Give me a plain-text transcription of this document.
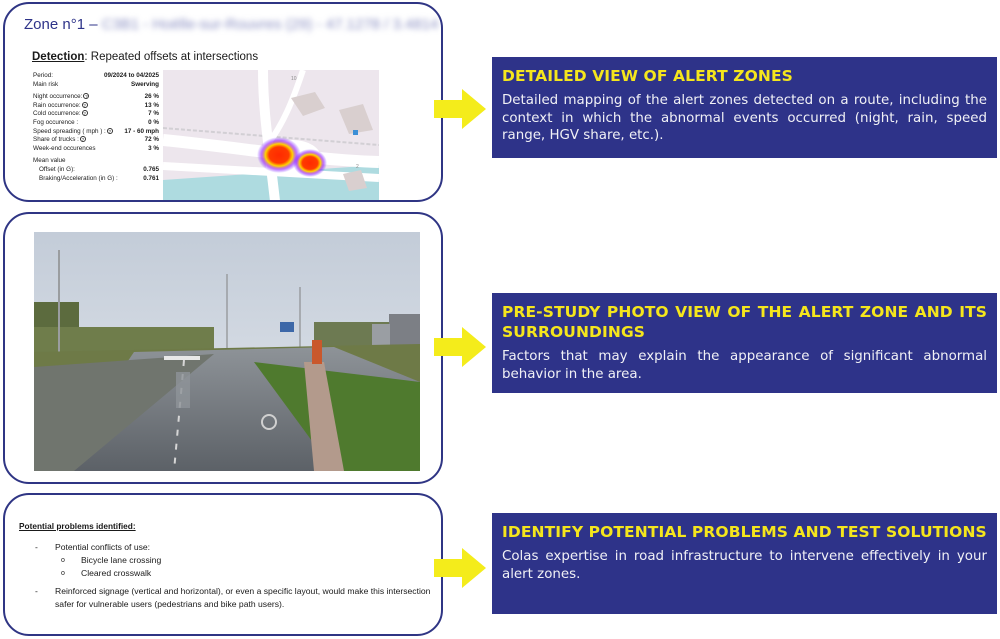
Zone n°1 – C3B1 - Hoëlle-sur-Rouvres (29) - 47.1278 / 3.4814
Detection: Repeated offsets at intersections
Period:	09/2024 to 04/2025
Main risk	Swerving
Night occurrence: ?	26 %
Rain occurrence: ?	13 %
Cold occurrence: ?	7 %
Fog occurence :	0 %
Speed spreading ( mph ) : ? 17 - 60 mph
Share of trucks : ?	72 %
Week-end occurences	3 %
Mean value
Offset (in G):	0.765
Braking/Acceleration (in G) :	0.761
10
2
Potential problems identified:
-	Potential conflicts of use:
o	Bicycle lane crossing
o	Cleared crosswalk
-	Reinforced signage (vertical and horizontal), or even a specific layout, would make this intersection safer for vulnerable users (pedestrians and bike path users).
DETAILED VIEW OF ALERT ZONES
Detailed mapping of the alert zones detected on a route, including the context in which the abnormal events occurred (night, rain, speed range, HGV share, etc.).
PRE-STUDY PHOTO VIEW OF THE ALERT ZONE AND ITS SURROUNDINGS
Factors that may explain the appearance of significant abnormal behavior in the area.
IDENTIFY POTENTIAL PROBLEMS AND TEST SOLUTIONS
Colas expertise in road infrastructure to intervene effectively in your alert zones.
